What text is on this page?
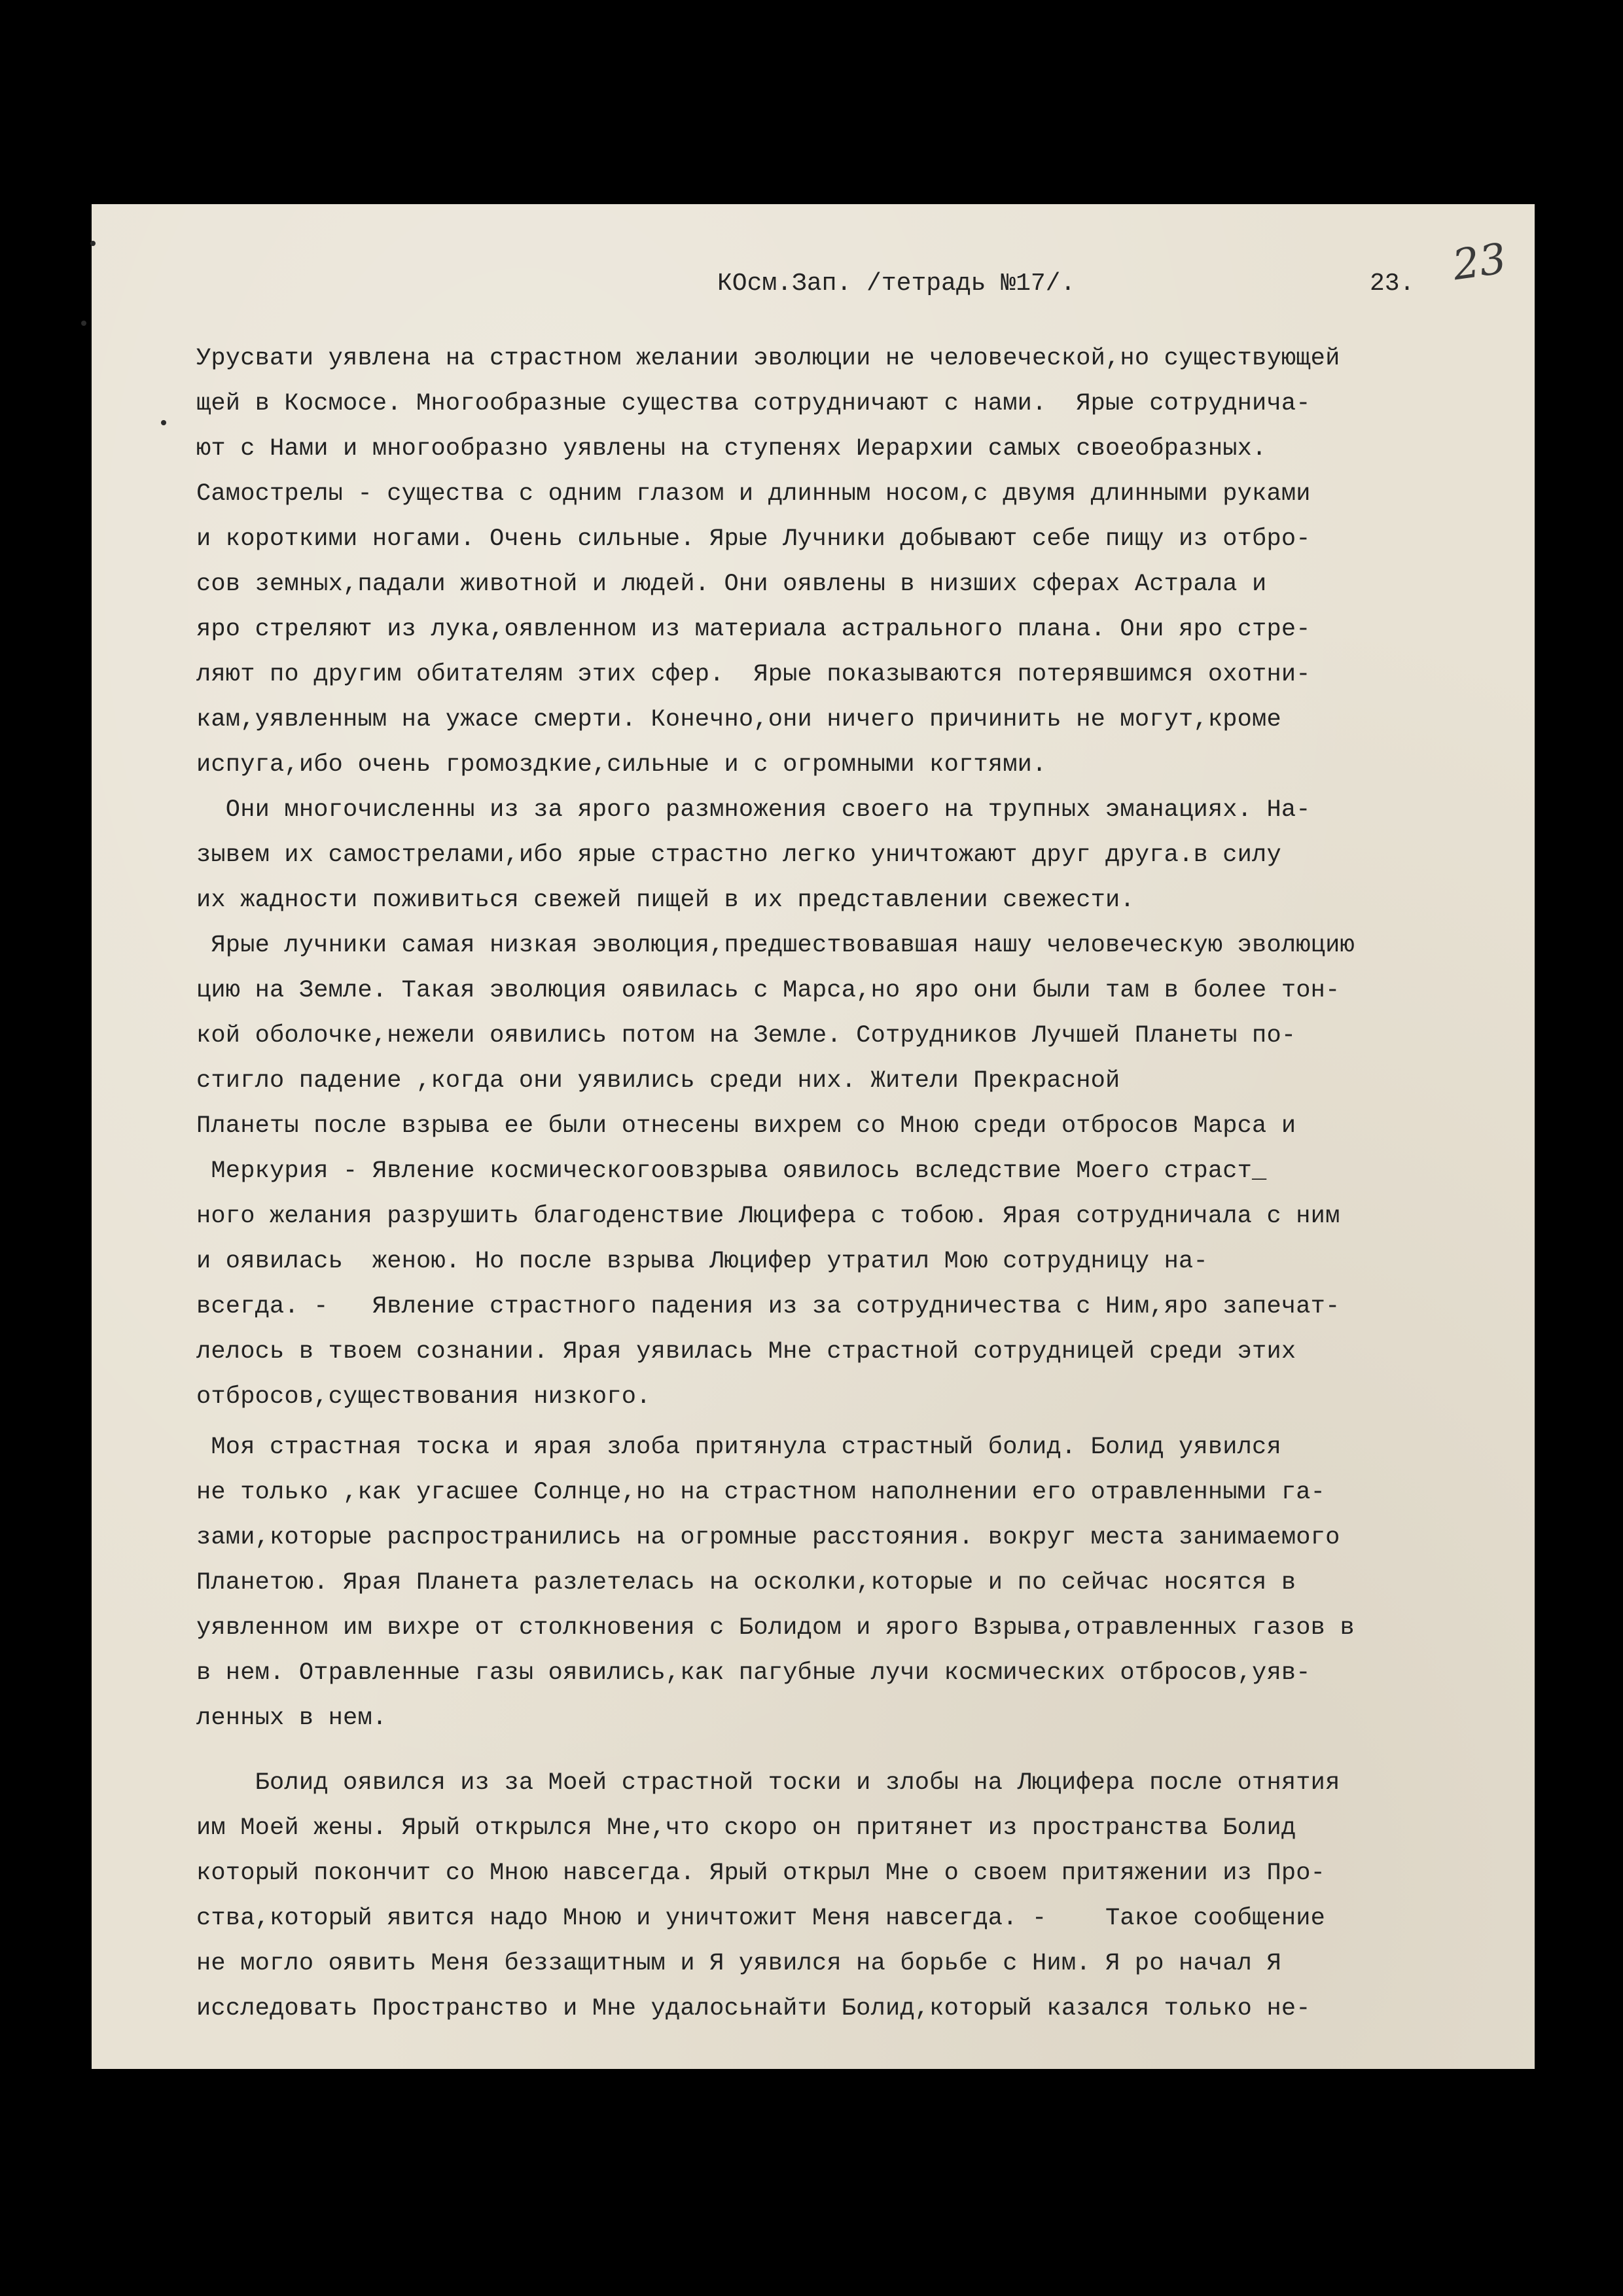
23
КОсм.Зап. /тетрадь №17/.	23.
Урусвати уявлена на страстном желании эволюции не человеческой,но существующей
щей в Космосе. Многообразные существа сотрудничают с нами.  Ярые сотруднича-
ют с Нами и многообразно уявлены на ступенях Иерархии самых своеобразных.
Самострелы - существа с одним глазом и длинным носом,с двумя длинными руками
и короткими ногами. Очень сильные. Ярые Лучники добывают себе пищу из отбро-
сов земных,падали животной и людей. Они оявлены в низших сферах Астрала и
яро стреляют из лука,оявленном из материала астрального плана. Они яро стре-
ляют по другим обитателям этих сфер.  Ярые показываются потерявшимся охотни-
кам,уявленным на ужасе смерти. Конечно,они ничего причинить не могут,кроме
испуга,ибо очень громоздкие,сильные и с огромными когтями.
Они многочисленны из за ярого размножения своего на трупных эманациях. На-
зывем их самострелами,ибо ярые страстно легко уничтожают друг друга.в силу
их жадности поживиться свежей пищей в их представлении свежести.
Ярые лучники самая низкая эволюция,предшествовавшая нашу человеческую эволюцию
цию на Земле. Такая эволюция оявилась с Марса,но яро они были там в более тон-
кой оболочке,нежели оявились потом на Земле. Сотрудников Лучшей Планеты по-
стигло падение ,когда они уявились среди них. Жители Прекрасной
Планеты после взрыва ее были отнесены вихрем со Мною среди отбросов Марса и
Меркурия - Явление космическогоовзрыва оявилось вследствие Моего страст_
ного желания разрушить благоденствие Люцифера с тобою. Ярая сотрудничала с ним
и оявилась  женою. Но после взрыва Люцифер утратил Мою сотрудницу на-
всегда. -   Явление страстного падения из за сотрудничества с Ним,яро запечат-
лелось в твоем сознании. Ярая уявилась Мне страстной сотрудницей среди этих
отбросов,существования низкого.
Моя страстная тоска и ярая злоба притянула страстный болид. Болид уявился
не только ,как угасшее Солнце,но на страстном наполнении его отравленными га-
зами,которые распространились на огромные расстояния. вокруг места занимаемого
Планетою. Ярая Планета разлетелась на осколки,которые и по сейчас носятся в
уявленном им вихре от столкновения с Болидом и ярого Взрыва,отравленных газов в
в нем. Отравленные газы оявились,как пагубные лучи космических отбросов,уяв-
ленных в нем.
Болид оявился из за Моей страстной тоски и злобы на Люцифера после отнятия
им Моей жены. Ярый открылся Мне,что скоро он притянет из пространства Болид
который покончит со Мною навсегда. Ярый открыл Мне о своем притяжении из Про-
ства,который явится надо Мною и уничтожит Меня навсегда. -    Такое сообщение
не могло оявить Меня беззащитным и Я уявился на борьбе с Ним. Я ро начал Я
исследовать Пространство и Мне удалосьнайти Болид,который казался только не-
